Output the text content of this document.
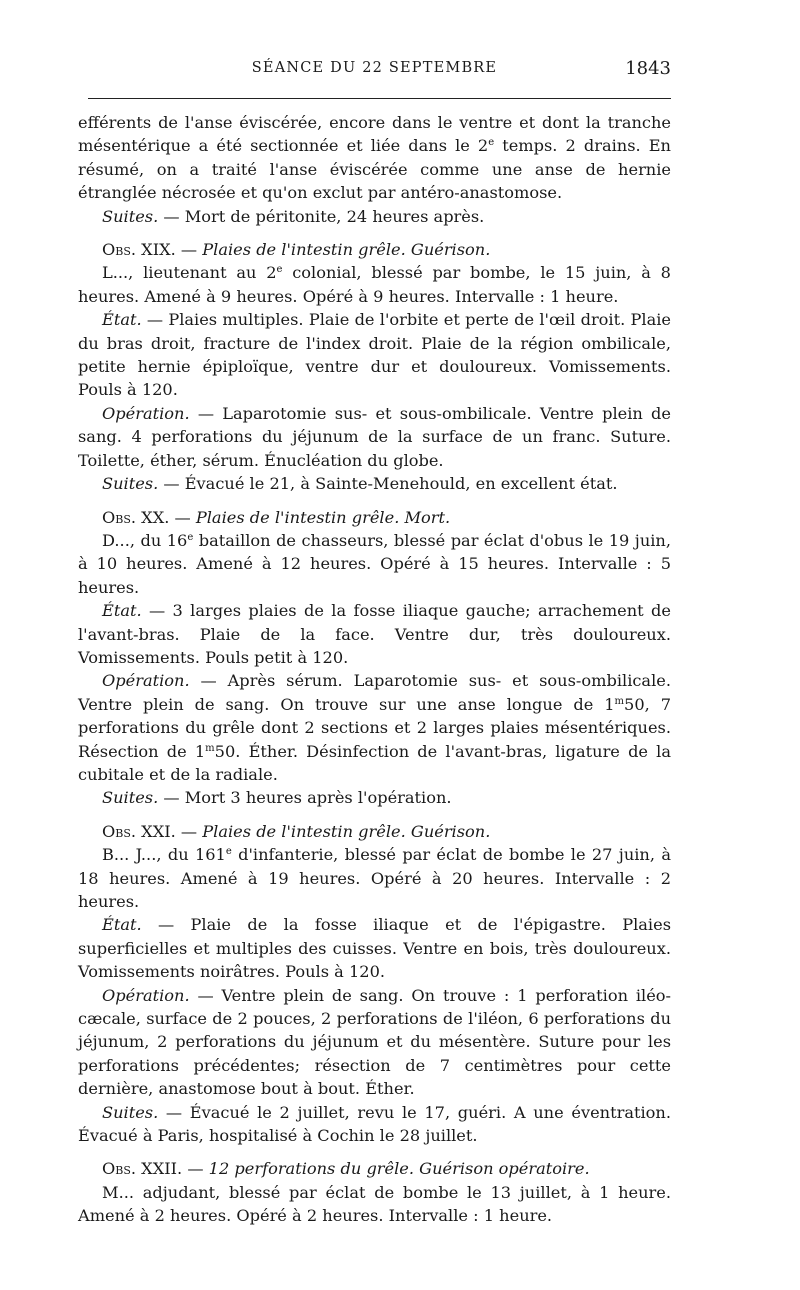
SÉANCE DU 22 SEPTEMBRE	1843

efférents de l'anse éviscérée, encore dans le ventre et dont la tranche mésentérique a été sectionnée et liée dans le 2e temps. 2 drains. En résumé, on a traité l'anse éviscérée comme une anse de hernie étranglée nécrosée et qu'on exclut par antéro-anastomose.

Suites. — Mort de péritonite, 24 heures après.

Obs. XIX. — Plaies de l'intestin grêle. Guérison.

L..., lieutenant au 2e colonial, blessé par bombe, le 15 juin, à 8 heures. Amené à 9 heures. Opéré à 9 heures. Intervalle : 1 heure.

État. — Plaies multiples. Plaie de l'orbite et perte de l'œil droit. Plaie du bras droit, fracture de l'index droit. Plaie de la région ombilicale, petite hernie épiploïque, ventre dur et douloureux. Vomissements. Pouls à 120.

Opération. — Laparotomie sus- et sous-ombilicale. Ventre plein de sang. 4 perforations du jéjunum de la surface de un franc. Suture. Toilette, éther, sérum. Énucléation du globe.

Suites. — Évacué le 21, à Sainte-Menehould, en excellent état.

Obs. XX. — Plaies de l'intestin grêle. Mort.

D..., du 16e bataillon de chasseurs, blessé par éclat d'obus le 19 juin, à 10 heures. Amené à 12 heures. Opéré à 15 heures. Intervalle : 5 heures.

État. — 3 larges plaies de la fosse iliaque gauche; arrachement de l'avant-bras. Plaie de la face. Ventre dur, très douloureux. Vomissements. Pouls petit à 120.

Opération. — Après sérum. Laparotomie sus- et sous-ombilicale. Ventre plein de sang. On trouve sur une anse longue de 1$^m$50, 7 perforations du grêle dont 2 sections et 2 larges plaies mésentériques. Résection de 1$^m$50. Éther. Désinfection de l'avant-bras, ligature de la cubitale et de la radiale.

Suites. — Mort 3 heures après l'opération.

Obs. XXI. — Plaies de l'intestin grêle. Guérison.

B... J..., du 161e d'infanterie, blessé par éclat de bombe le 27 juin, à 18 heures. Amené à 19 heures. Opéré à 20 heures. Intervalle : 2 heures.

État. — Plaie de la fosse iliaque et de l'épigastre. Plaies superficielles et multiples des cuisses. Ventre en bois, très douloureux. Vomissements noirâtres. Pouls à 120.

Opération. — Ventre plein de sang. On trouve : 1 perforation iléo-cæcale, surface de 2 pouces, 2 perforations de l'iléon, 6 perforations du jéjunum, 2 perforations du jéjunum et du mésentère. Suture pour les perforations précédentes; résection de 7 centimètres pour cette dernière, anastomose bout à bout. Éther.

Suites. — Évacué le 2 juillet, revu le 17, guéri. A une éventration. Évacué à Paris, hospitalisé à Cochin le 28 juillet.

Obs. XXII. — 12 perforations du grêle. Guérison opératoire.

M... adjudant, blessé par éclat de bombe le 13 juillet, à 1 heure. Amené à 2 heures. Opéré à 2 heures. Intervalle : 1 heure.
